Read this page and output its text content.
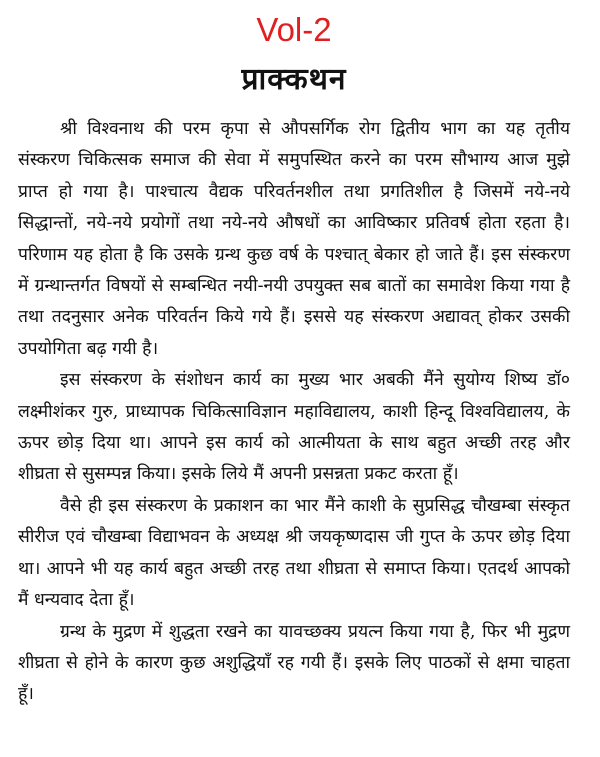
Vol-2
प्राक्कथन

श्री विश्वनाथ की परम कृपा से औपसर्गिक रोग द्वितीय भाग का यह तृतीय संस्करण चिकित्सक समाज की सेवा में समुपस्थित करने का परम सौभाग्य आज मुझे प्राप्त हो गया है। पाश्चात्य वैद्यक परिवर्तनशील तथा प्रगतिशील है जिसमें नये-नये सिद्धान्तों, नये-नये प्रयोगों तथा नये-नये औषधों का आविष्कार प्रतिवर्ष होता रहता है। परिणाम यह होता है कि उसके ग्रन्थ कुछ वर्ष के पश्चात् बेकार हो जाते हैं। इस संस्करण में ग्रन्थान्तर्गत विषयों से सम्बन्धित नयी-नयी उपयुक्त सब बातों का समावेश किया गया है तथा तदनुसार अनेक परिवर्तन किये गये हैं। इससे यह संस्करण अद्यावत् होकर उसकी उपयोगिता बढ़ गयी है।

इस संस्करण के संशोधन कार्य का मुख्य भार अबकी मैंने सुयोग्य शिष्य डॉ० लक्ष्मीशंकर गुरु, प्राध्यापक चिकित्साविज्ञान महाविद्यालय, काशी हिन्दू विश्वविद्यालय, के ऊपर छोड़ दिया था। आपने इस कार्य को आत्मीयता के साथ बहुत अच्छी तरह और शीघ्रता से सुसम्पन्न किया। इसके लिये मैं अपनी प्रसन्नता प्रकट करता हूँ।

वैसे ही इस संस्करण के प्रकाशन का भार मैंने काशी के सुप्रसिद्ध चौखम्बा संस्कृत सीरीज एवं चौखम्बा विद्याभवन के अध्यक्ष श्री जयकृष्णदास जी गुप्त के ऊपर छोड़ दिया था। आपने भी यह कार्य बहुत अच्छी तरह तथा शीघ्रता से समाप्त किया। एतदर्थ आपको मैं धन्यवाद देता हूँ।

ग्रन्थ के मुद्रण में शुद्धता रखने का यावच्छक्य प्रयत्न किया गया है, फिर भी मुद्रण शीघ्रता से होने के कारण कुछ अशुद्धियाँ रह गयी हैं। इसके लिए पाठकों से क्षमा चाहता हूँ।
